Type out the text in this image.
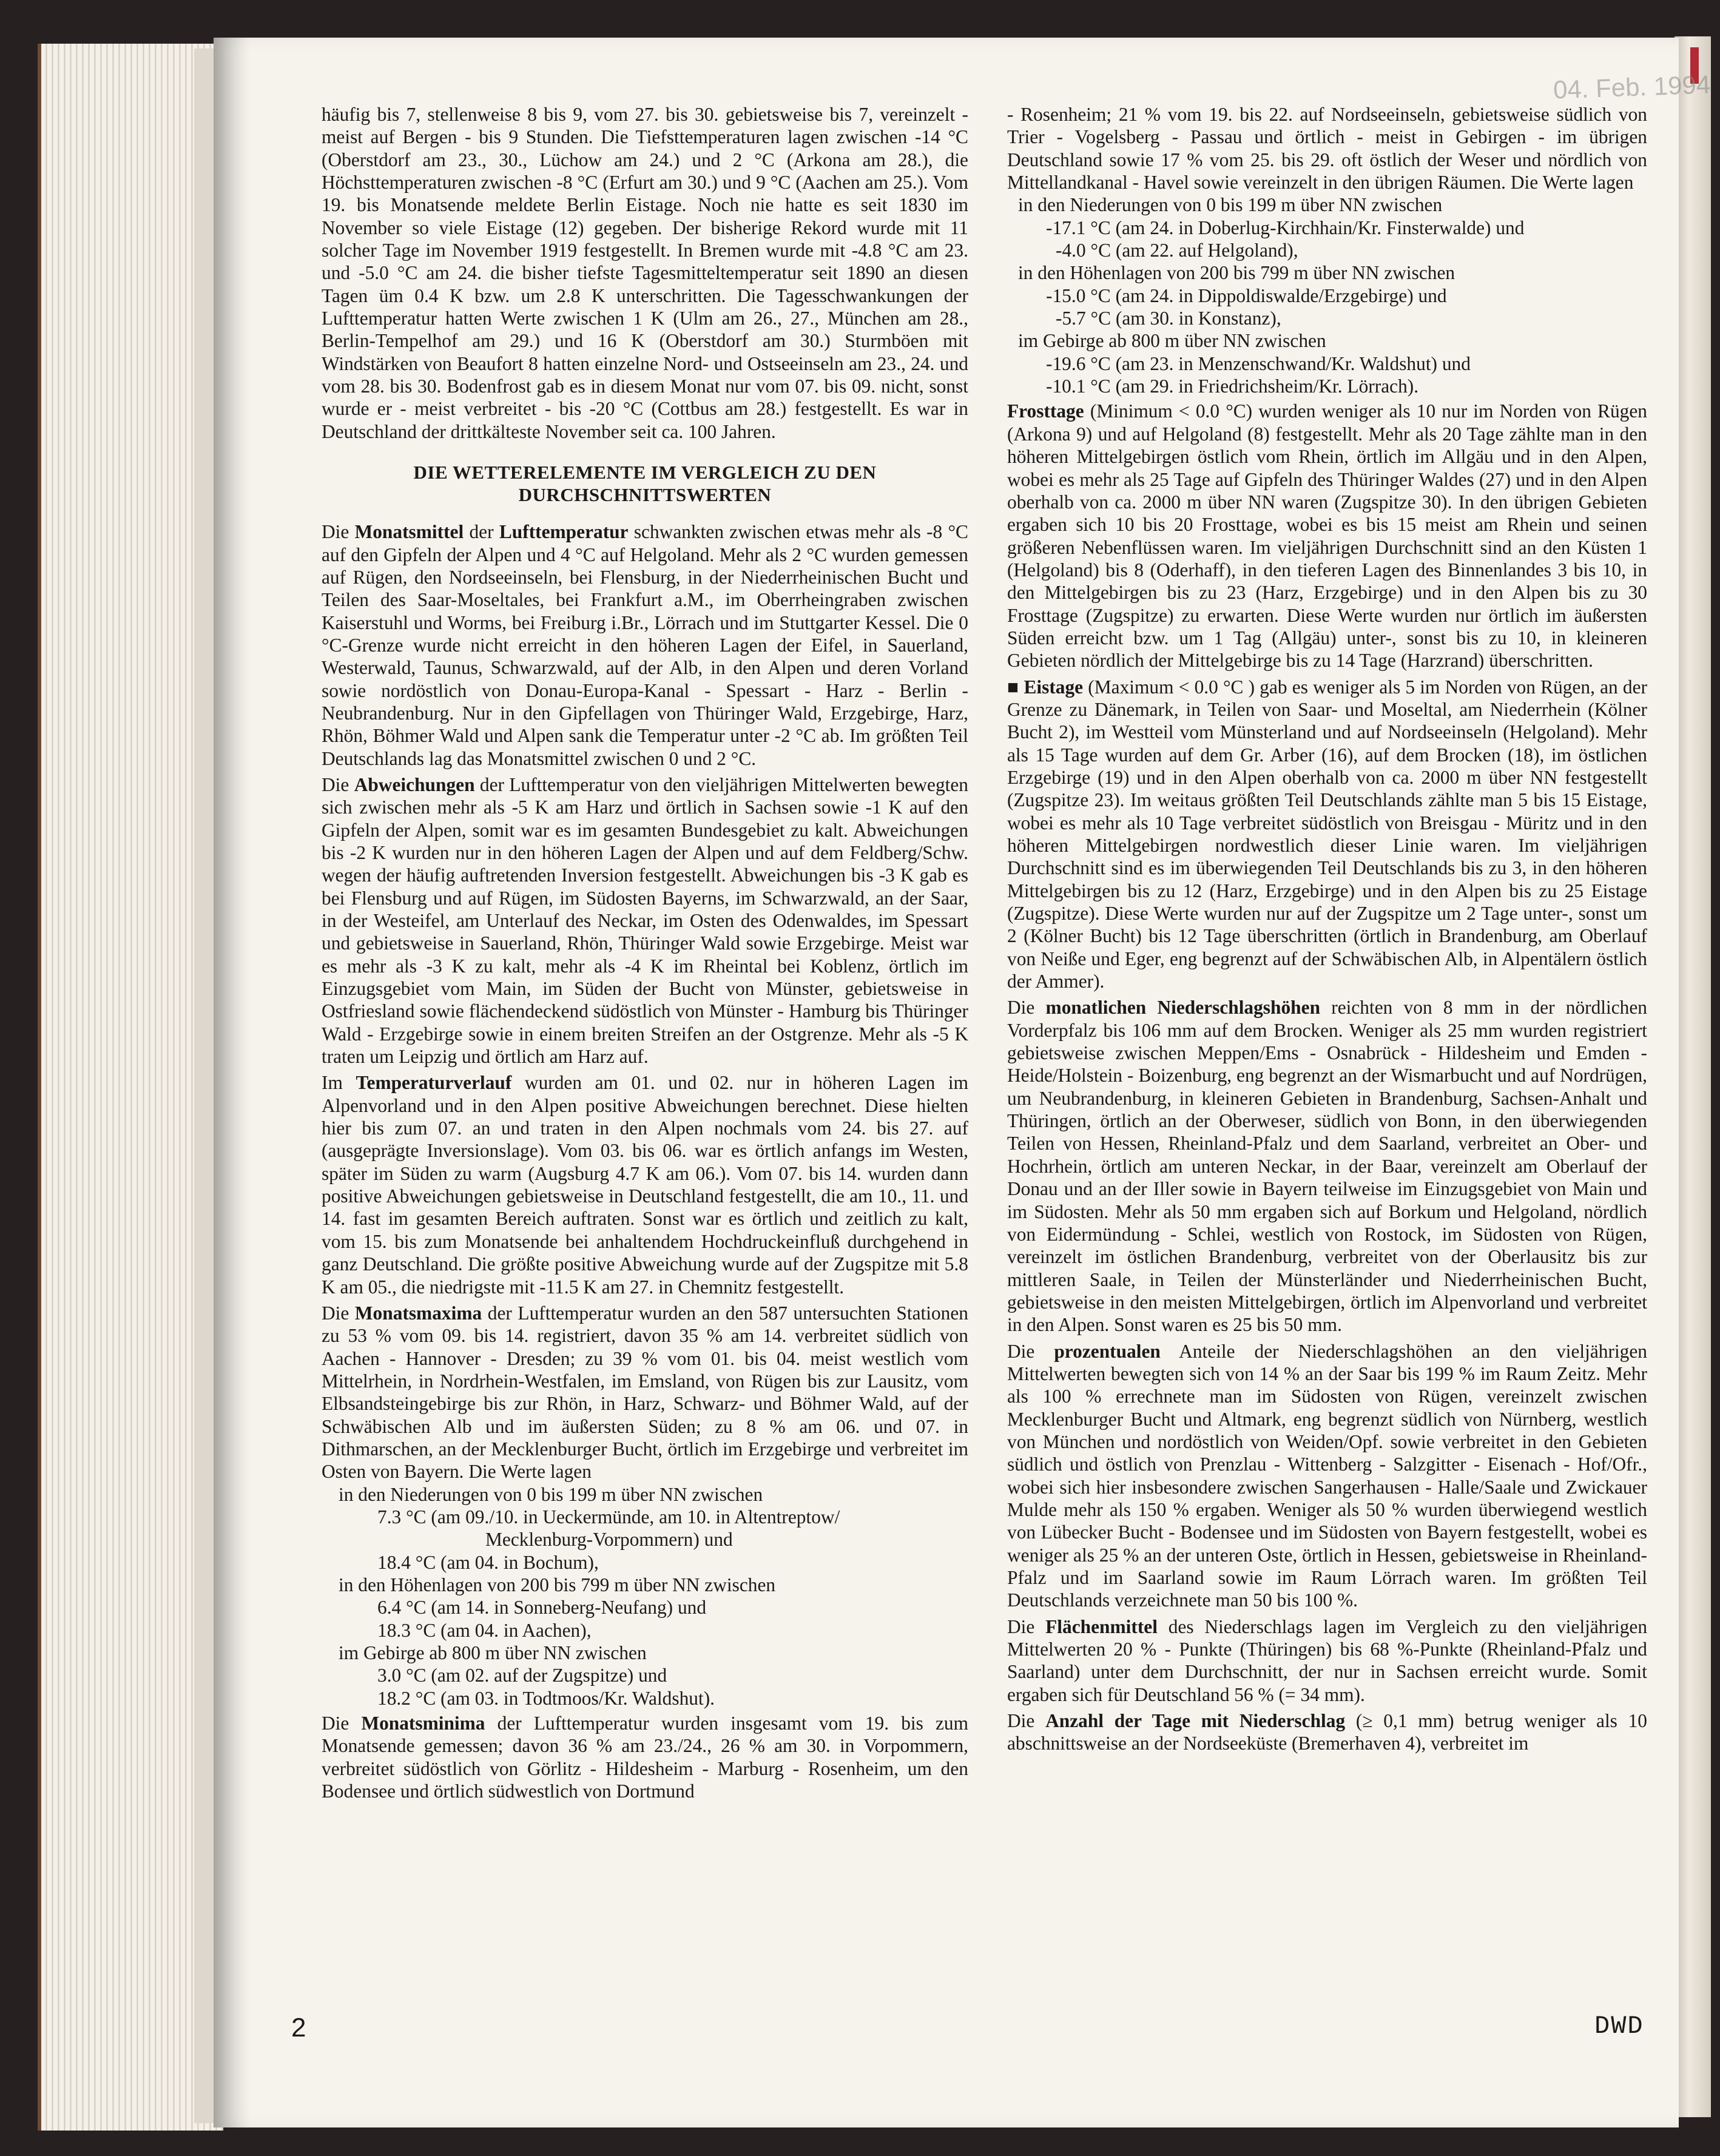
04. Feb. 1994

häufig bis 7, stellenweise 8 bis 9, vom 27. bis 30. gebietsweise bis 7, vereinzelt - meist auf Bergen - bis 9 Stunden. Die Tiefsttemperaturen lagen zwischen -14 °C (Oberstdorf am 23., 30., Lüchow am 24.) und 2 °C (Arkona am 28.), die Höchsttemperaturen zwischen -8 °C (Erfurt am 30.) und 9 °C (Aachen am 25.). Vom 19. bis Monatsende meldete Berlin Eistage. Noch nie hatte es seit 1830 im November so viele Eistage (12) gegeben. Der bisherige Rekord wurde mit 11 solcher Tage im November 1919 festgestellt. In Bremen wurde mit -4.8 °C am 23. und -5.0 °C am 24. die bisher tiefste Tagesmitteltemperatur seit 1890 an diesen Tagen üm 0.4 K bzw. um 2.8 K unterschritten. Die Tagesschwankungen der Lufttemperatur hatten Werte zwischen 1 K (Ulm am 26., 27., München am 28., Berlin-Tempelhof am 29.) und 16 K (Oberstdorf am 30.) Sturmböen mit Windstärken von Beaufort 8 hatten einzelne Nord- und Ostseeinseln am 23., 24. und vom 28. bis 30. Bodenfrost gab es in diesem Monat nur vom 07. bis 09. nicht, sonst wurde er - meist verbreitet - bis -20 °C (Cottbus am 28.) festgestellt. Es war in Deutschland der drittkälteste November seit ca. 100 Jahren.

DIE WETTERELEMENTE IM VERGLEICH ZU DEN
DURCHSCHNITTSWERTEN

Die Monatsmittel der Lufttemperatur schwankten zwischen etwas mehr als -8 °C auf den Gipfeln der Alpen und 4 °C auf Helgoland. Mehr als 2 °C wurden gemessen auf Rügen, den Nordseeinseln, bei Flensburg, in der Niederrheinischen Bucht und Teilen des Saar-Moseltales, bei Frankfurt a.M., im Oberrheingraben zwischen Kaiserstuhl und Worms, bei Freiburg i.Br., Lörrach und im Stuttgarter Kessel. Die 0 °C-Grenze wurde nicht erreicht in den höheren Lagen der Eifel, in Sauerland, Westerwald, Taunus, Schwarzwald, auf der Alb, in den Alpen und deren Vorland sowie nordöstlich von Donau-Europa-Kanal - Spessart - Harz - Berlin - Neubrandenburg. Nur in den Gipfellagen von Thüringer Wald, Erzgebirge, Harz, Rhön, Böhmer Wald und Alpen sank die Temperatur unter -2 °C ab. Im größten Teil Deutschlands lag das Monatsmittel zwischen 0 und 2 °C.

Die Abweichungen der Lufttemperatur von den vieljährigen Mittelwerten bewegten sich zwischen mehr als -5 K am Harz und örtlich in Sachsen sowie -1 K auf den Gipfeln der Alpen, somit war es im gesamten Bundesgebiet zu kalt. Abweichungen bis -2 K wurden nur in den höheren Lagen der Alpen und auf dem Feldberg/Schw. wegen der häufig auftretenden Inversion festgestellt. Abweichungen bis -3 K gab es bei Flensburg und auf Rügen, im Südosten Bayerns, im Schwarzwald, an der Saar, in der Westeifel, am Unterlauf des Neckar, im Osten des Odenwaldes, im Spessart und gebietsweise in Sauerland, Rhön, Thüringer Wald sowie Erzgebirge. Meist war es mehr als -3 K zu kalt, mehr als -4 K im Rheintal bei Koblenz, örtlich im Einzugsgebiet vom Main, im Süden der Bucht von Münster, gebietsweise in Ostfriesland sowie flächendeckend südöstlich von Münster - Hamburg bis Thüringer Wald - Erzgebirge sowie in einem breiten Streifen an der Ostgrenze. Mehr als -5 K traten um Leipzig und örtlich am Harz auf.

Im Temperaturverlauf wurden am 01. und 02. nur in höheren Lagen im Alpenvorland und in den Alpen positive Abweichungen berechnet. Diese hielten hier bis zum 07. an und traten in den Alpen nochmals vom 24. bis 27. auf (ausgeprägte Inversionslage). Vom 03. bis 06. war es örtlich anfangs im Westen, später im Süden zu warm (Augsburg 4.7 K am 06.). Vom 07. bis 14. wurden dann positive Abweichungen gebietsweise in Deutschland festgestellt, die am 10., 11. und 14. fast im gesamten Bereich auftraten. Sonst war es örtlich und zeitlich zu kalt, vom 15. bis zum Monatsende bei anhaltendem Hochdruckeinfluß durchgehend in ganz Deutschland. Die größte positive Abweichung wurde auf der Zugspitze mit 5.8 K am 05., die niedrigste mit -11.5 K am 27. in Chemnitz festgestellt.

Die Monatsmaxima der Lufttemperatur wurden an den 587 untersuchten Stationen zu 53 % vom 09. bis 14. registriert, davon 35 % am 14. verbreitet südlich von Aachen - Hannover - Dresden; zu 39 % vom 01. bis 04. meist westlich vom Mittelrhein, in Nordrhein-Westfalen, im Emsland, von Rügen bis zur Lausitz, vom Elbsandsteingebirge bis zur Rhön, in Harz, Schwarz- und Böhmer Wald, auf der Schwäbischen Alb und im äußersten Süden; zu 8 % am 06. und 07. in Dithmarschen, an der Mecklenburger Bucht, örtlich im Erzgebirge und verbreitet im Osten von Bayern. Die Werte lagen

in den Niederungen von 0 bis 199 m über NN zwischen
7.3 °C (am 09./10. in Ueckermünde, am 10. in Altentreptow/
Mecklenburg-Vorpommern) und
18.4 °C (am 04. in Bochum),
in den Höhenlagen von 200 bis 799 m über NN zwischen
6.4 °C (am 14. in Sonneberg-Neufang) und
18.3 °C (am 04. in Aachen),
im Gebirge ab 800 m über NN zwischen
3.0 °C (am 02. auf der Zugspitze) und
18.2 °C (am 03. in Todtmoos/Kr. Waldshut).

Die Monatsminima der Lufttemperatur wurden insgesamt vom 19. bis zum Monatsende gemessen; davon 36 % am 23./24., 26 % am 30. in Vorpommern, verbreitet südöstlich von Görlitz - Hildesheim - Marburg - Rosenheim, um den Bodensee und örtlich südwestlich von Dortmund

- Rosenheim; 21 % vom 19. bis 22. auf Nordseeinseln, gebietsweise südlich von Trier - Vogelsberg - Passau und örtlich - meist in Gebirgen - im übrigen Deutschland sowie 17 % vom 25. bis 29. oft östlich der Weser und nördlich von Mittellandkanal - Havel sowie vereinzelt in den übrigen Räumen. Die Werte lagen

in den Niederungen von 0 bis 199 m über NN zwischen
-17.1 °C (am 24. in Doberlug-Kirchhain/Kr. Finsterwalde) und
-4.0 °C (am 22. auf Helgoland),
in den Höhenlagen von 200 bis 799 m über NN zwischen
-15.0 °C (am 24. in Dippoldiswalde/Erzgebirge) und
-5.7 °C (am 30. in Konstanz),
im Gebirge ab 800 m über NN zwischen
-19.6 °C (am 23. in Menzenschwand/Kr. Waldshut) und
-10.1 °C (am 29. in Friedrichsheim/Kr. Lörrach).

Frosttage (Minimum < 0.0 °C) wurden weniger als 10 nur im Norden von Rügen (Arkona 9) und auf Helgoland (8) festgestellt. Mehr als 20 Tage zählte man in den höheren Mittelgebirgen östlich vom Rhein, örtlich im Allgäu und in den Alpen, wobei es mehr als 25 Tage auf Gipfeln des Thüringer Waldes (27) und in den Alpen oberhalb von ca. 2000 m über NN waren (Zugspitze 30). In den übrigen Gebieten ergaben sich 10 bis 20 Frosttage, wobei es bis 15 meist am Rhein und seinen größeren Nebenflüssen waren. Im vieljährigen Durchschnitt sind an den Küsten 1 (Helgoland) bis 8 (Oderhaff), in den tieferen Lagen des Binnenlandes 3 bis 10, in den Mittelgebirgen bis zu 23 (Harz, Erzgebirge) und in den Alpen bis zu 30 Frosttage (Zugspitze) zu erwarten. Diese Werte wurden nur örtlich im äußersten Süden erreicht bzw. um 1 Tag (Allgäu) unter-, sonst bis zu 10, in kleineren Gebieten nördlich der Mittelgebirge bis zu 14 Tage (Harzrand) überschritten.

■ Eistage (Maximum < 0.0 °C ) gab es weniger als 5 im Norden von Rügen, an der Grenze zu Dänemark, in Teilen von Saar- und Moseltal, am Niederrhein (Kölner Bucht 2), im Westteil vom Münsterland und auf Nordseeinseln (Helgoland). Mehr als 15 Tage wurden auf dem Gr. Arber (16), auf dem Brocken (18), im östlichen Erzgebirge (19) und in den Alpen oberhalb von ca. 2000 m über NN festgestellt (Zugspitze 23). Im weitaus größten Teil Deutschlands zählte man 5 bis 15 Eistage, wobei es mehr als 10 Tage verbreitet südöstlich von Breisgau - Müritz und in den höheren Mittelgebirgen nordwestlich dieser Linie waren. Im vieljährigen Durchschnitt sind es im überwiegenden Teil Deutschlands bis zu 3, in den höheren Mittelgebirgen bis zu 12 (Harz, Erzgebirge) und in den Alpen bis zu 25 Eistage (Zugspitze). Diese Werte wurden nur auf der Zugspitze um 2 Tage unter-, sonst um 2 (Kölner Bucht) bis 12 Tage überschritten (örtlich in Brandenburg, am Oberlauf von Neiße und Eger, eng begrenzt auf der Schwäbischen Alb, in Alpentälern östlich der Ammer).

Die monatlichen Niederschlagshöhen reichten von 8 mm in der nördlichen Vorderpfalz bis 106 mm auf dem Brocken. Weniger als 25 mm wurden registriert gebietsweise zwischen Meppen/Ems - Osnabrück - Hildesheim und Emden - Heide/Holstein - Boizenburg, eng begrenzt an der Wismarbucht und auf Nordrügen, um Neubrandenburg, in kleineren Gebieten in Brandenburg, Sachsen-Anhalt und Thüringen, örtlich an der Oberweser, südlich von Bonn, in den überwiegenden Teilen von Hessen, Rheinland-Pfalz und dem Saarland, verbreitet an Ober- und Hochrhein, örtlich am unteren Neckar, in der Baar, vereinzelt am Oberlauf der Donau und an der Iller sowie in Bayern teilweise im Einzugsgebiet von Main und im Südosten. Mehr als 50 mm ergaben sich auf Borkum und Helgoland, nördlich von Eidermündung - Schlei, westlich von Rostock, im Südosten von Rügen, vereinzelt im östlichen Brandenburg, verbreitet von der Oberlausitz bis zur mittleren Saale, in Teilen der Münsterländer und Niederrheinischen Bucht, gebietsweise in den meisten Mittelgebirgen, örtlich im Alpenvorland und verbreitet in den Alpen. Sonst waren es 25 bis 50 mm.

Die prozentualen Anteile der Niederschlagshöhen an den vieljährigen Mittelwerten bewegten sich von 14 % an der Saar bis 199 % im Raum Zeitz. Mehr als 100 % errechnete man im Südosten von Rügen, vereinzelt zwischen Mecklenburger Bucht und Altmark, eng begrenzt südlich von Nürnberg, westlich von München und nordöstlich von Weiden/Opf. sowie verbreitet in den Gebieten südlich und östlich von Prenzlau - Wittenberg - Salzgitter - Eisenach - Hof/Ofr., wobei sich hier insbesondere zwischen Sangerhausen - Halle/Saale und Zwickauer Mulde mehr als 150 % ergaben. Weniger als 50 % wurden überwiegend westlich von Lübecker Bucht - Bodensee und im Südosten von Bayern festgestellt, wobei es weniger als 25 % an der unteren Oste, örtlich in Hessen, gebietsweise in Rheinland-Pfalz und im Saarland sowie im Raum Lörrach waren. Im größten Teil Deutschlands verzeichnete man 50 bis 100 %.

Die Flächenmittel des Niederschlags lagen im Vergleich zu den vieljährigen Mittelwerten 20 % - Punkte (Thüringen) bis 68 %-Punkte (Rheinland-Pfalz und Saarland) unter dem Durchschnitt, der nur in Sachsen erreicht wurde. Somit ergaben sich für Deutschland 56 % (= 34 mm).

Die Anzahl der Tage mit Niederschlag (≥ 0,1 mm) betrug weniger als 10 abschnittsweise an der Nordseeküste (Bremerhaven 4), verbreitet im

2	DWD
